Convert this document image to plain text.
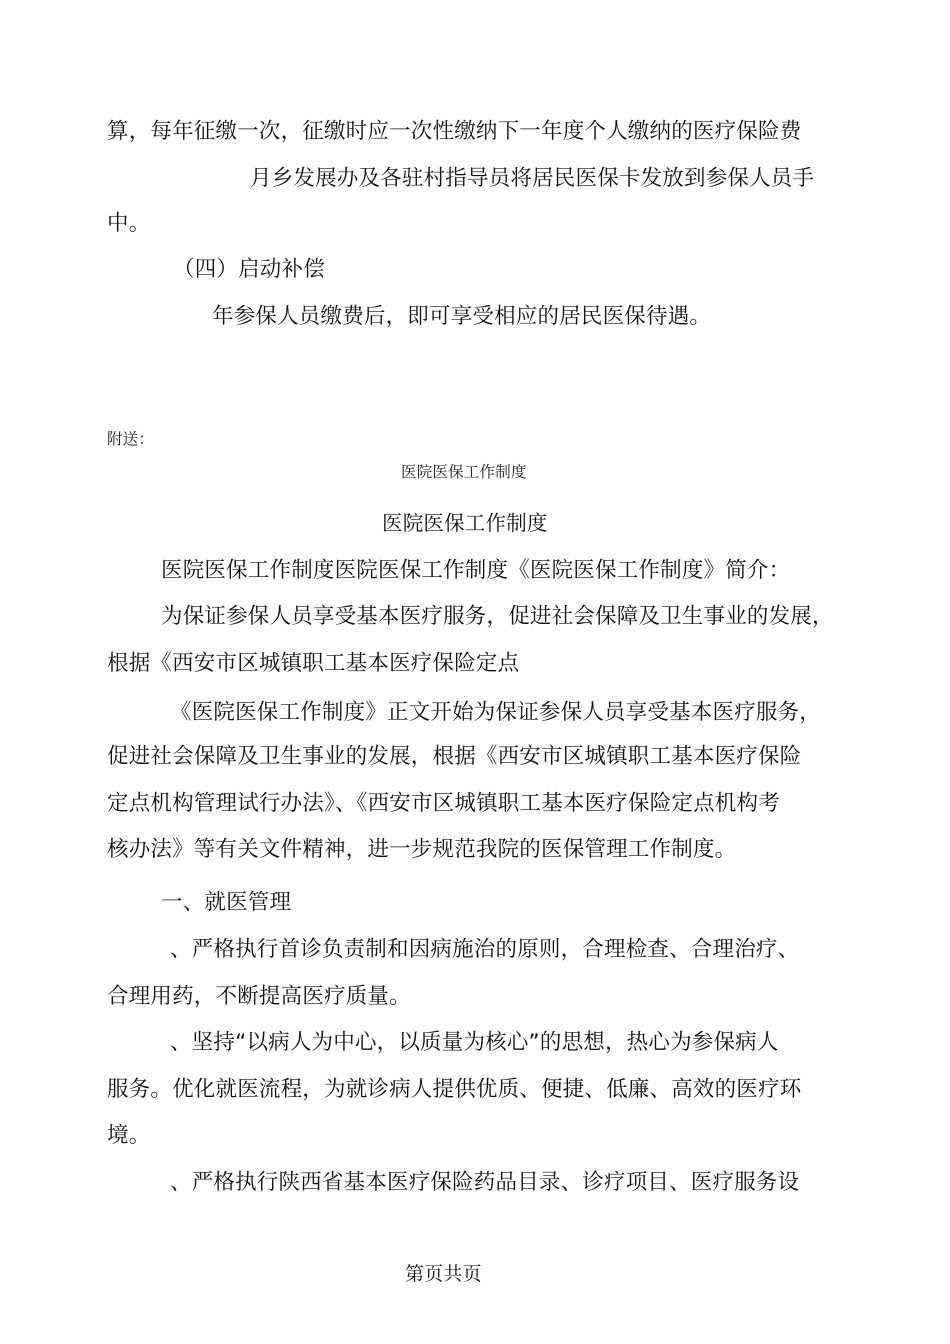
算，每年征缴一次，征缴时应一次性缴纳下一年度个人缴纳的医疗保险费
月乡发展办及各驻村指导员将居民医保卡发放到参保人员手
中。
（四）启动补偿
年参保人员缴费后，即可享受相应的居民医保待遇。
附送：
医院医保工作制度
医院医保工作制度
医院医保工作制度医院医保工作制度《医院医保工作制度》简介：
为保证参保人员享受基本医疗服务，促进社会保障及卫生事业的发展，
根据《西安市区城镇职工基本医疗保险定点
《医院医保工作制度》正文开始为保证参保人员享受基本医疗服务，
促进社会保障及卫生事业的发展，根据《西安市区城镇职工基本医疗保险
定点机构管理试行办法》、《西安市区城镇职工基本医疗保险定点机构考
核办法》等有关文件精神，进一步规范我院的医保管理工作制度。
一、就医管理
、严格执行首诊负责制和因病施治的原则，合理检查、合理治疗、
合理用药，不断提高医疗质量。
、坚持“以病人为中心，以质量为核心”的思想，热心为参保病人
服务。优化就医流程，为就诊病人提供优质、便捷、低廉、高效的医疗环
境。
、严格执行陕西省基本医疗保险药品目录、诊疗项目、医疗服务设
第页共页
